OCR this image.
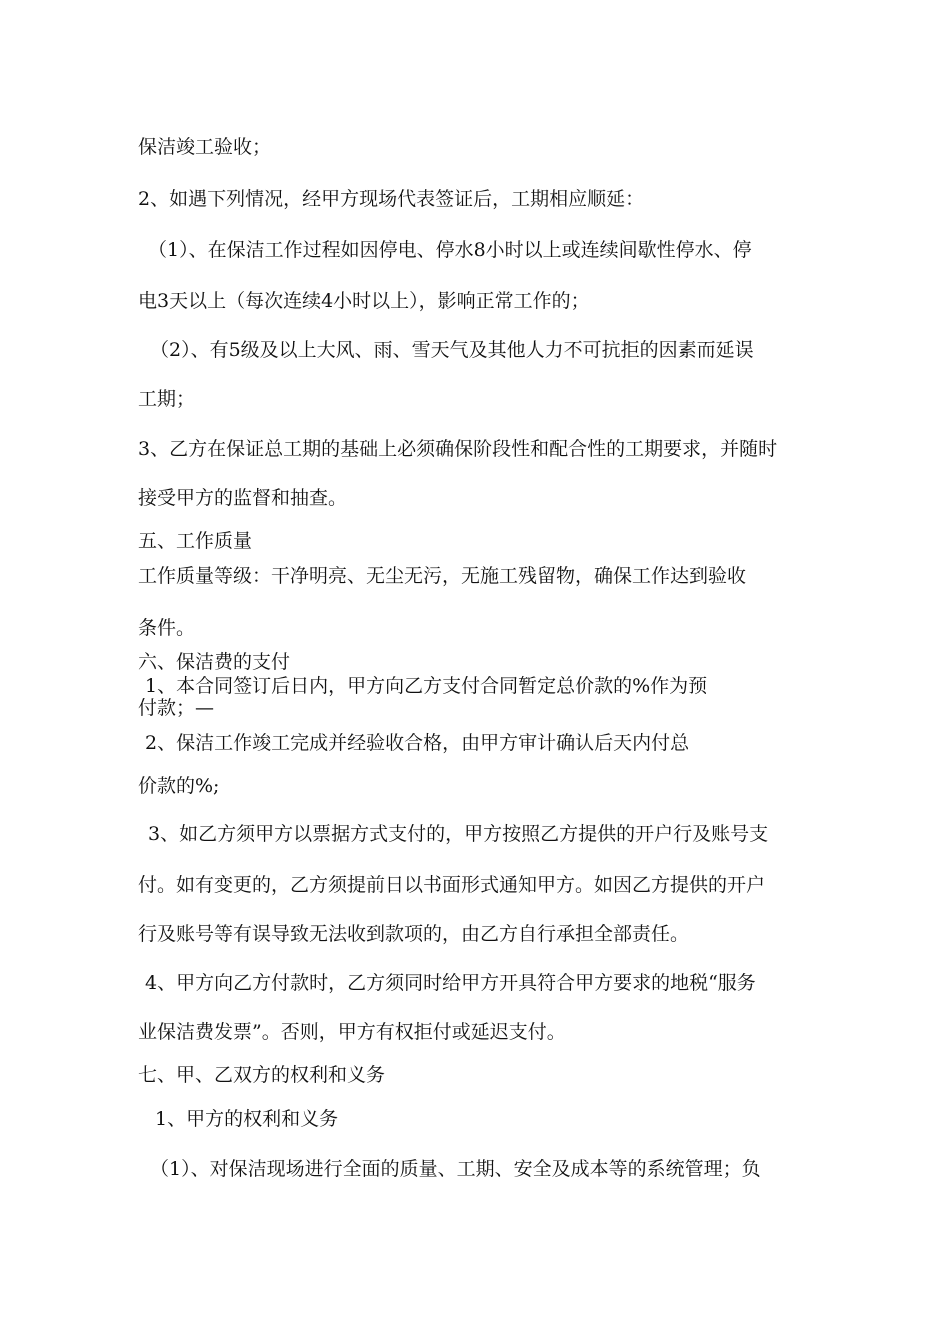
保洁竣工验收；
2、如遇下列情况，经甲方现场代表签证后，工期相应顺延：
（1）、在保洁工作过程如因停电、停水8小时以上或连续间歇性停水、停
电3天以上（每次连续4小时以上），影响正常工作的；
（2）、有5级及以上大风、雨、雪天气及其他人力不可抗拒的因素而延误
工期；
3、乙方在保证总工期的基础上必须确保阶段性和配合性的工期要求，并随时
接受甲方的监督和抽查。
五、工作质量
工作质量等级：干净明亮、无尘无污，无施工残留物，确保工作达到验收
条件。
六、保洁费的支付
1、本合同签订后日内，甲方向乙方支付合同暂定总价款的%作为预
付款；—
2、保洁工作竣工完成并经验收合格，由甲方审计确认后天内付总
价款的%;
3、如乙方须甲方以票据方式支付的，甲方按照乙方提供的开户行及账号支
付。如有变更的，乙方须提前日以书面形式通知甲方。如因乙方提供的开户
行及账号等有误导致无法收到款项的，由乙方自行承担全部责任。
4、甲方向乙方付款时，乙方须同时给甲方开具符合甲方要求的地税“服务
业保洁费发票”。否则，甲方有权拒付或延迟支付。
七、甲、乙双方的权利和义务
1、甲方的权利和义务
（1）、对保洁现场进行全面的质量、工期、安全及成本等的系统管理；负
